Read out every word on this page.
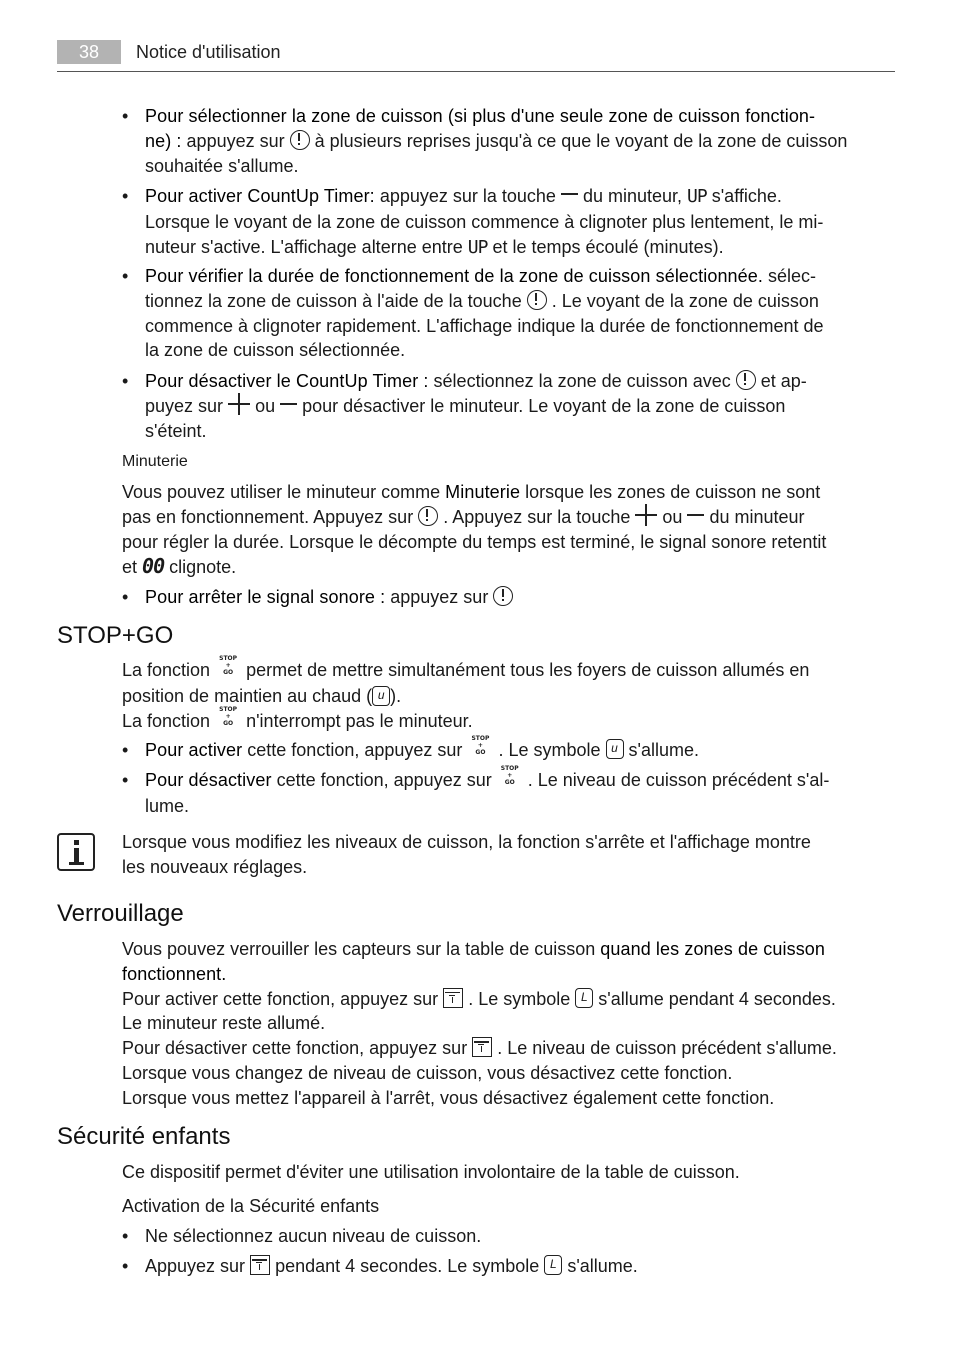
38	Notice d'utilisation
• Pour sélectionner la zone de cuisson (si plus d'une seule zone de cuisson fonction-
ne) : appuyez sur à plusieurs reprises jusqu'à ce que le voyant de la zone de cuisson
souhaitée s'allume.
• Pour activer CountUp Timer: appuyez sur la touche du minuteur, UP s'affiche.
Lorsque le voyant de la zone de cuisson commence à clignoter plus lentement, le mi-
nuteur s'active. L'affichage alterne entre UP et le temps écoulé (minutes).
• Pour vérifier la durée de fonctionnement de la zone de cuisson sélectionnée. sélec-
tionnez la zone de cuisson à l'aide de la touche . Le voyant de la zone de cuisson
commence à clignoter rapidement. L'affichage indique la durée de fonctionnement de
la zone de cuisson sélectionnée.
• Pour désactiver le CountUp Timer : sélectionnez la zone de cuisson avec et ap-
puyez sur ou pour désactiver le minuteur. Le voyant de la zone de cuisson
s'éteint.
Minuterie
Vous pouvez utiliser le minuteur comme Minuterie lorsque les zones de cuisson ne sont
pas en fonctionnement. Appuyez sur . Appuyez sur la touche ou du minuteur
pour régler la durée. Lorsque le décompte du temps est terminé, le signal sonore retentit
et 00 clignote.
• Pour arrêter le signal sonore : appuyez sur
STOP+GO
La fonction STOP
+
GO permet de mettre simultanément tous les foyers de cuisson allumés en
position de maintien au chaud ( u ).
La fonction STOP
+
GO n'interrompt pas le minuteur.
• Pour activer cette fonction, appuyez sur STOP
+
GO . Le symbole u s'allume.
• Pour désactiver cette fonction, appuyez sur STOP
+
GO . Le niveau de cuisson précédent s'al-
lume.
Lorsque vous modifiez les niveaux de cuisson, la fonction s'arrête et l'affichage montre
les nouveaux réglages.
Verrouillage
Vous pouvez verrouiller les capteurs sur la table de cuisson quand les zones de cuisson
fonctionnent.
Pour activer cette fonction, appuyez sur . Le symbole L s'allume pendant 4 secondes.
Le minuteur reste allumé.
Pour désactiver cette fonction, appuyez sur . Le niveau de cuisson précédent s'allume.
Lorsque vous changez de niveau de cuisson, vous désactivez cette fonction.
Lorsque vous mettez l'appareil à l'arrêt, vous désactivez également cette fonction.
Sécurité enfants
Ce dispositif permet d'éviter une utilisation involontaire de la table de cuisson.
Activation de la Sécurité enfants
• Ne sélectionnez aucun niveau de cuisson.
• Appuyez sur pendant 4 secondes. Le symbole L s'allume.
